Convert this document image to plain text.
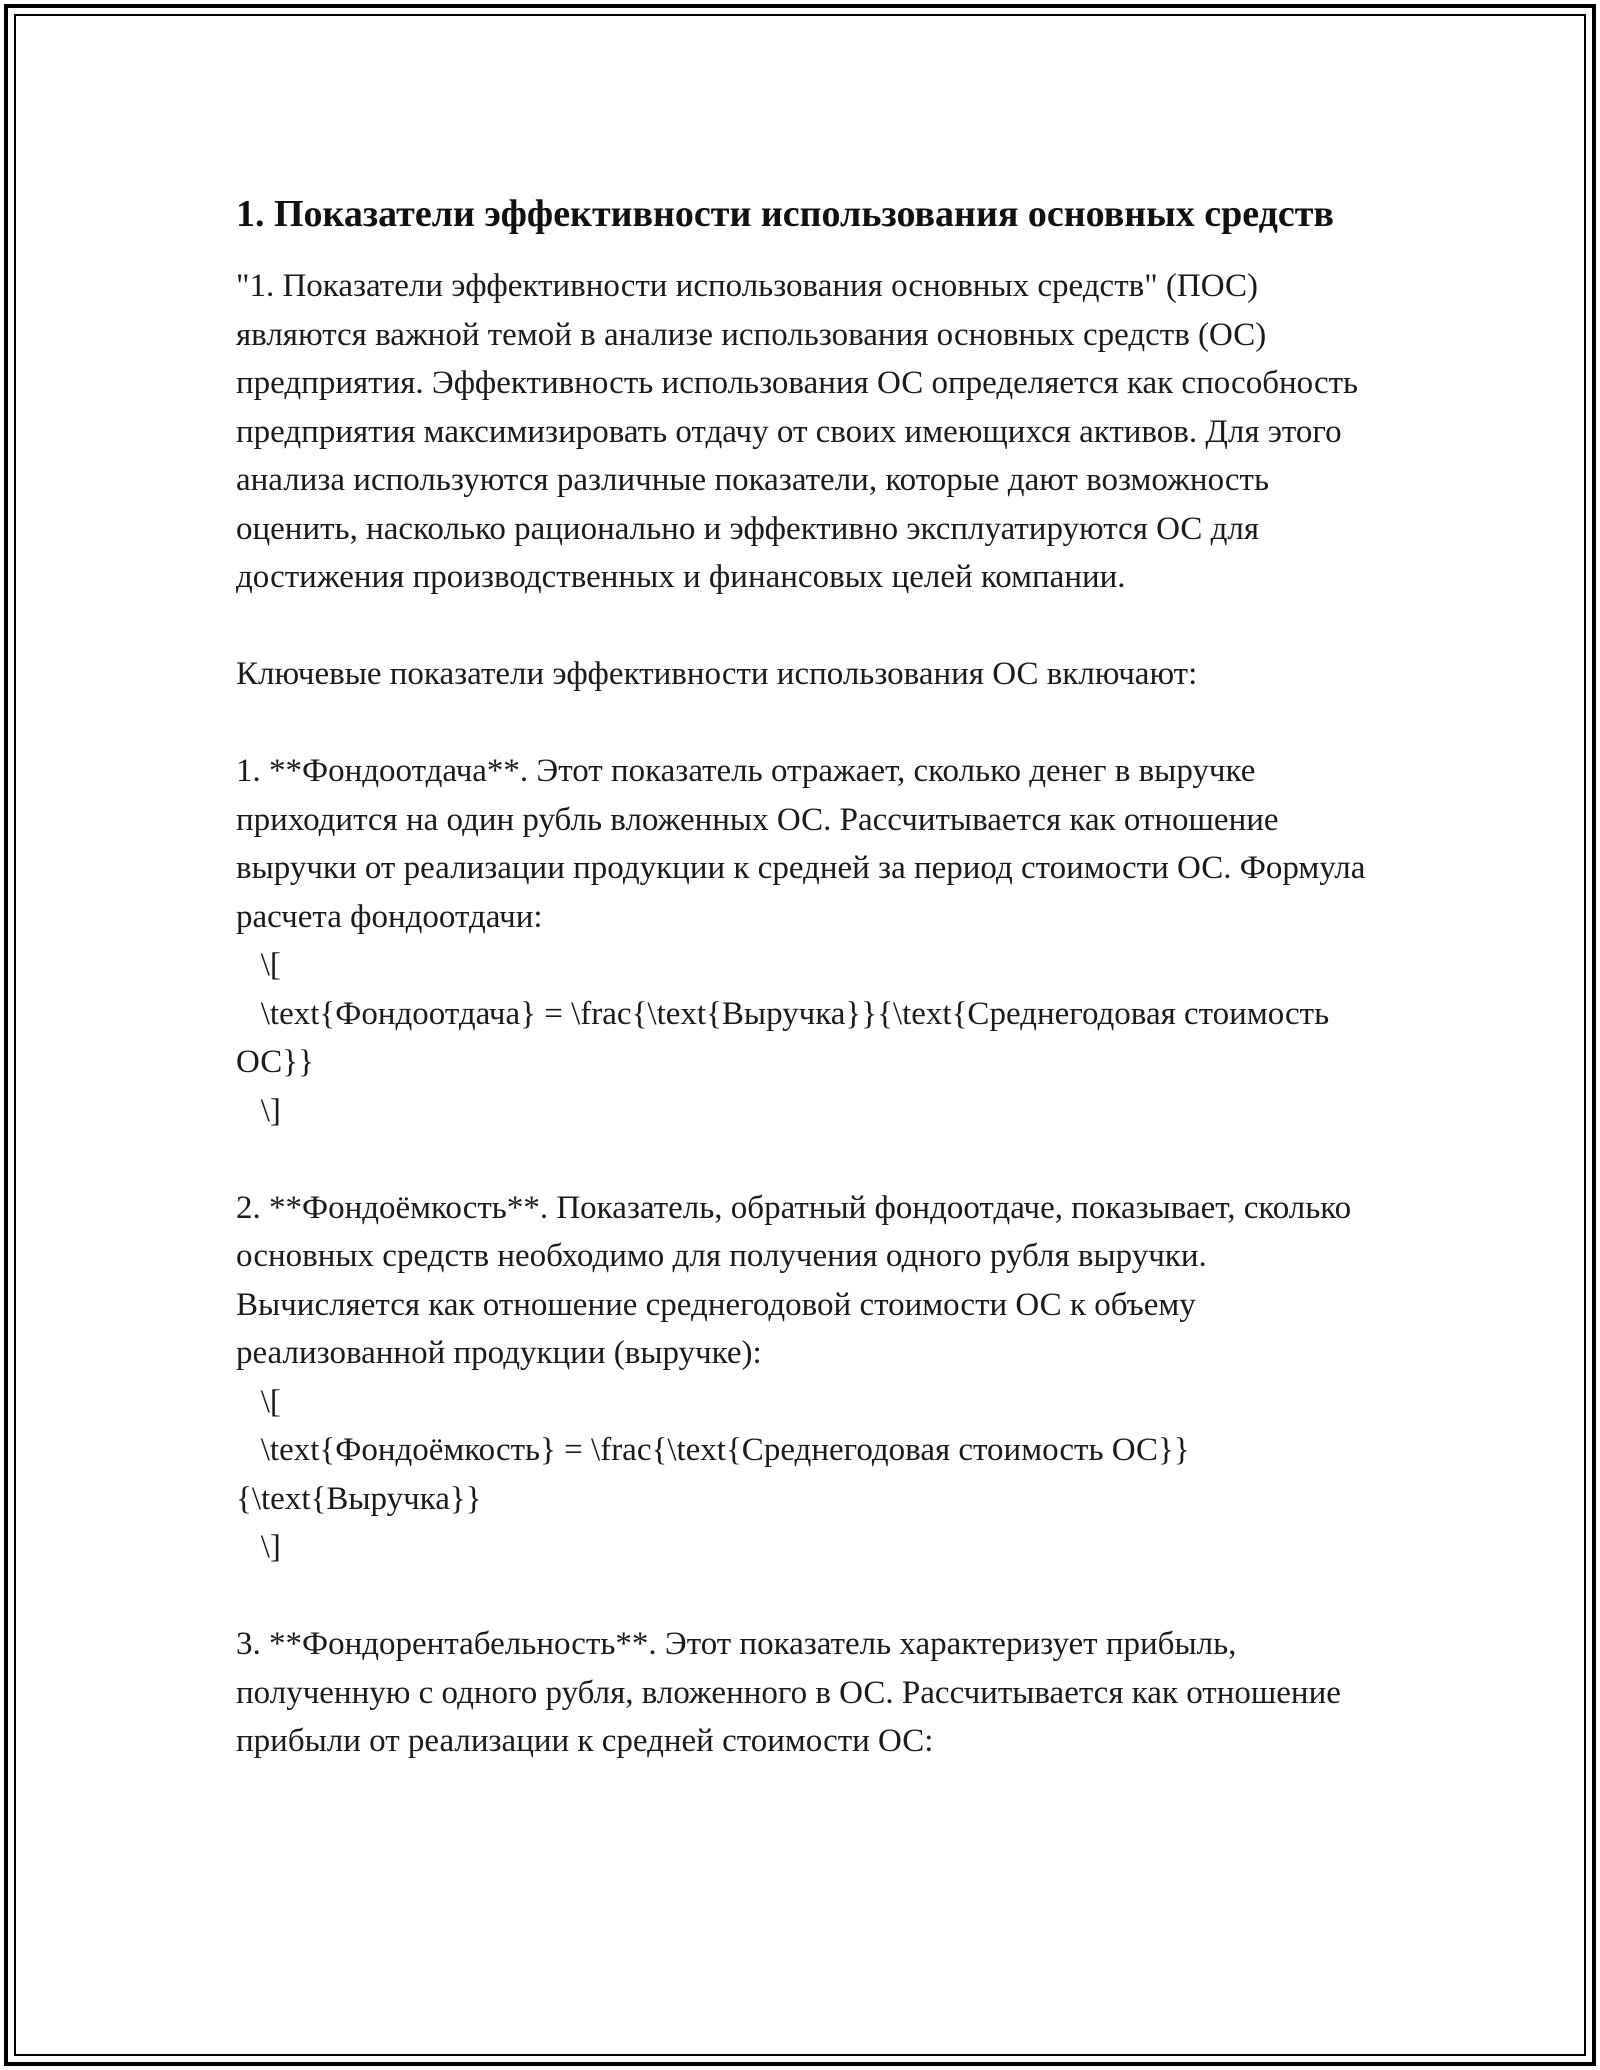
1. Показатели эффективности использования основных средств

"1. Показатели эффективности использования основных средств" (ПОС) являются важной темой в анализе использования основных средств (ОС) предприятия. Эффективность использования ОС определяется как способность предприятия максимизировать отдачу от своих имеющихся активов. Для этого анализа используются различные показатели, которые дают возможность оценить, насколько рационально и эффективно эксплуатируются ОС для достижения производственных и финансовых целей компании.

Ключевые показатели эффективности использования ОС включают:

1. **Фондоотдача**. Этот показатель отражает, сколько денег в выручке приходится на один рубль вложенных ОС. Рассчитывается как отношение выручки от реализации продукции к средней за период стоимости ОС. Формула расчета фондоотдачи:
\[
\text{Фондоотдача} = \frac{\text{Выручка}}{\text{Среднегодовая стоимость ОС}}
\]

2. **Фондоёмкость**. Показатель, обратный фондоотдаче, показывает, сколько основных средств необходимо для получения одного рубля выручки. Вычисляется как отношение среднегодовой стоимости ОС к объему реализованной продукции (выручке):
\[
\text{Фондоёмкость} = \frac{\text{Среднегодовая стоимость ОС}}{\text{Выручка}}
\]

3. **Фондорентабельность**. Этот показатель характеризует прибыль, полученную с одного рубля, вложенного в ОС. Рассчитывается как отношение прибыли от реализации к средней стоимости ОС:
